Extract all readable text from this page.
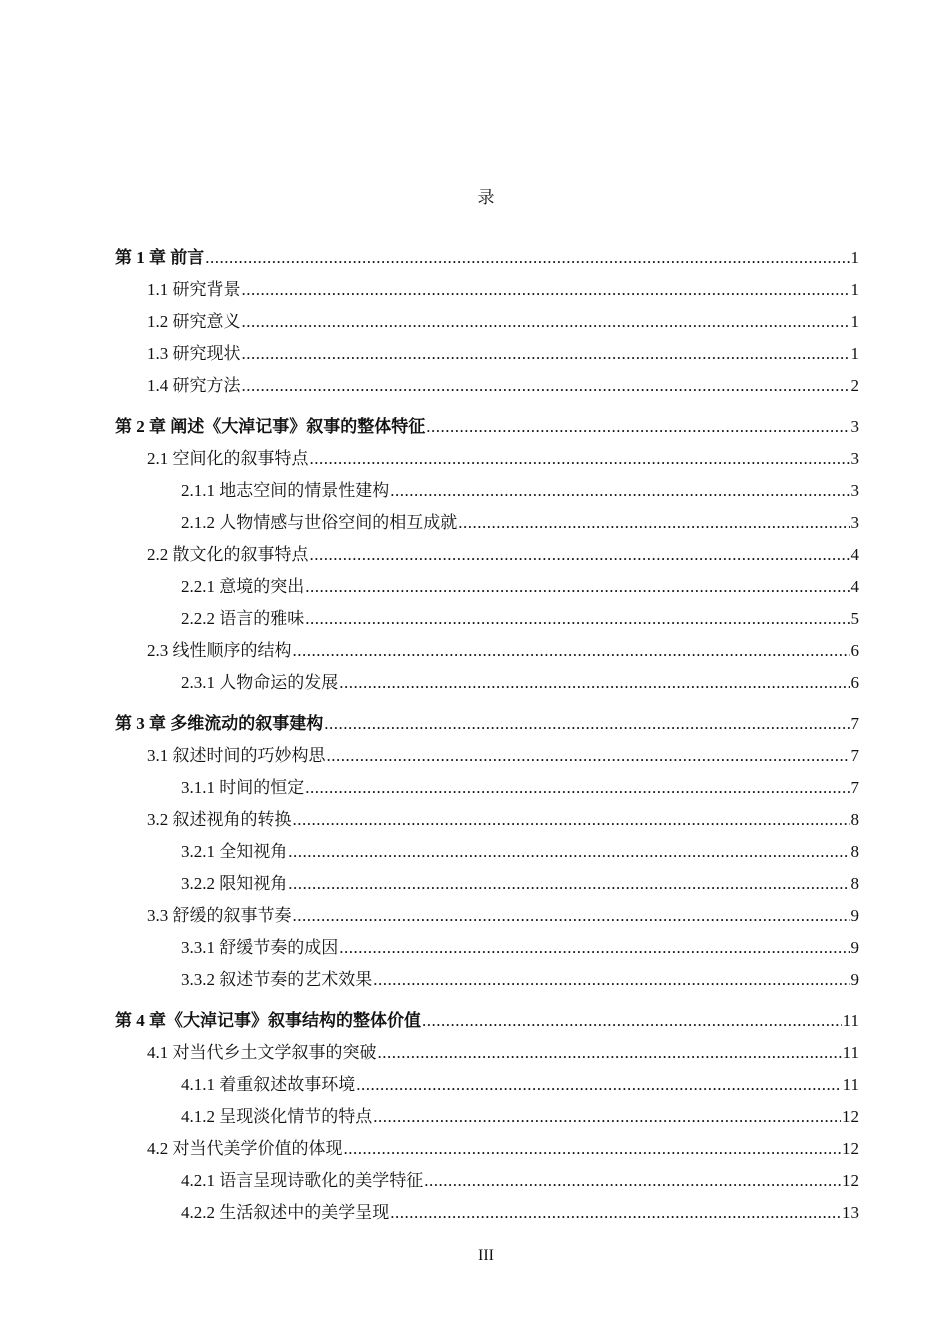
录
第 1 章 前言 .....	1
1.1 研究背景 .....	1
1.2 研究意义 .....	1
1.3 研究现状 .....	1
1.4 研究方法 .....	2
第 2 章 阐述《大淖记事》叙事的整体特征 .....	3
2.1 空间化的叙事特点 .....	3
2.1.1 地志空间的情景性建构 .....	3
2.1.2 人物情感与世俗空间的相互成就 .....	3
2.2 散文化的叙事特点 .....	4
2.2.1 意境的突出 .....	4
2.2.2 语言的雅味 .....	5
2.3 线性顺序的结构 .....	6
2.3.1 人物命运的发展 .....	6
第 3 章 多维流动的叙事建构 .....	7
3.1 叙述时间的巧妙构思 .....	7
3.1.1 时间的恒定 .....	7
3.2 叙述视角的转换 .....	8
3.2.1 全知视角 .....	8
3.2.2 限知视角 .....	8
3.3 舒缓的叙事节奏 .....	9
3.3.1 舒缓节奏的成因 .....	9
3.3.2 叙述节奏的艺术效果 .....	9
第 4 章《大淖记事》叙事结构的整体价值 .....	11
4.1 对当代乡土文学叙事的突破 .....	11
4.1.1 着重叙述故事环境 .....	11
4.1.2 呈现淡化情节的特点 .....	12
4.2 对当代美学价值的体现 .....	12
4.2.1 语言呈现诗歌化的美学特征 .....	12
4.2.2 生活叙述中的美学呈现 .....	13
III
